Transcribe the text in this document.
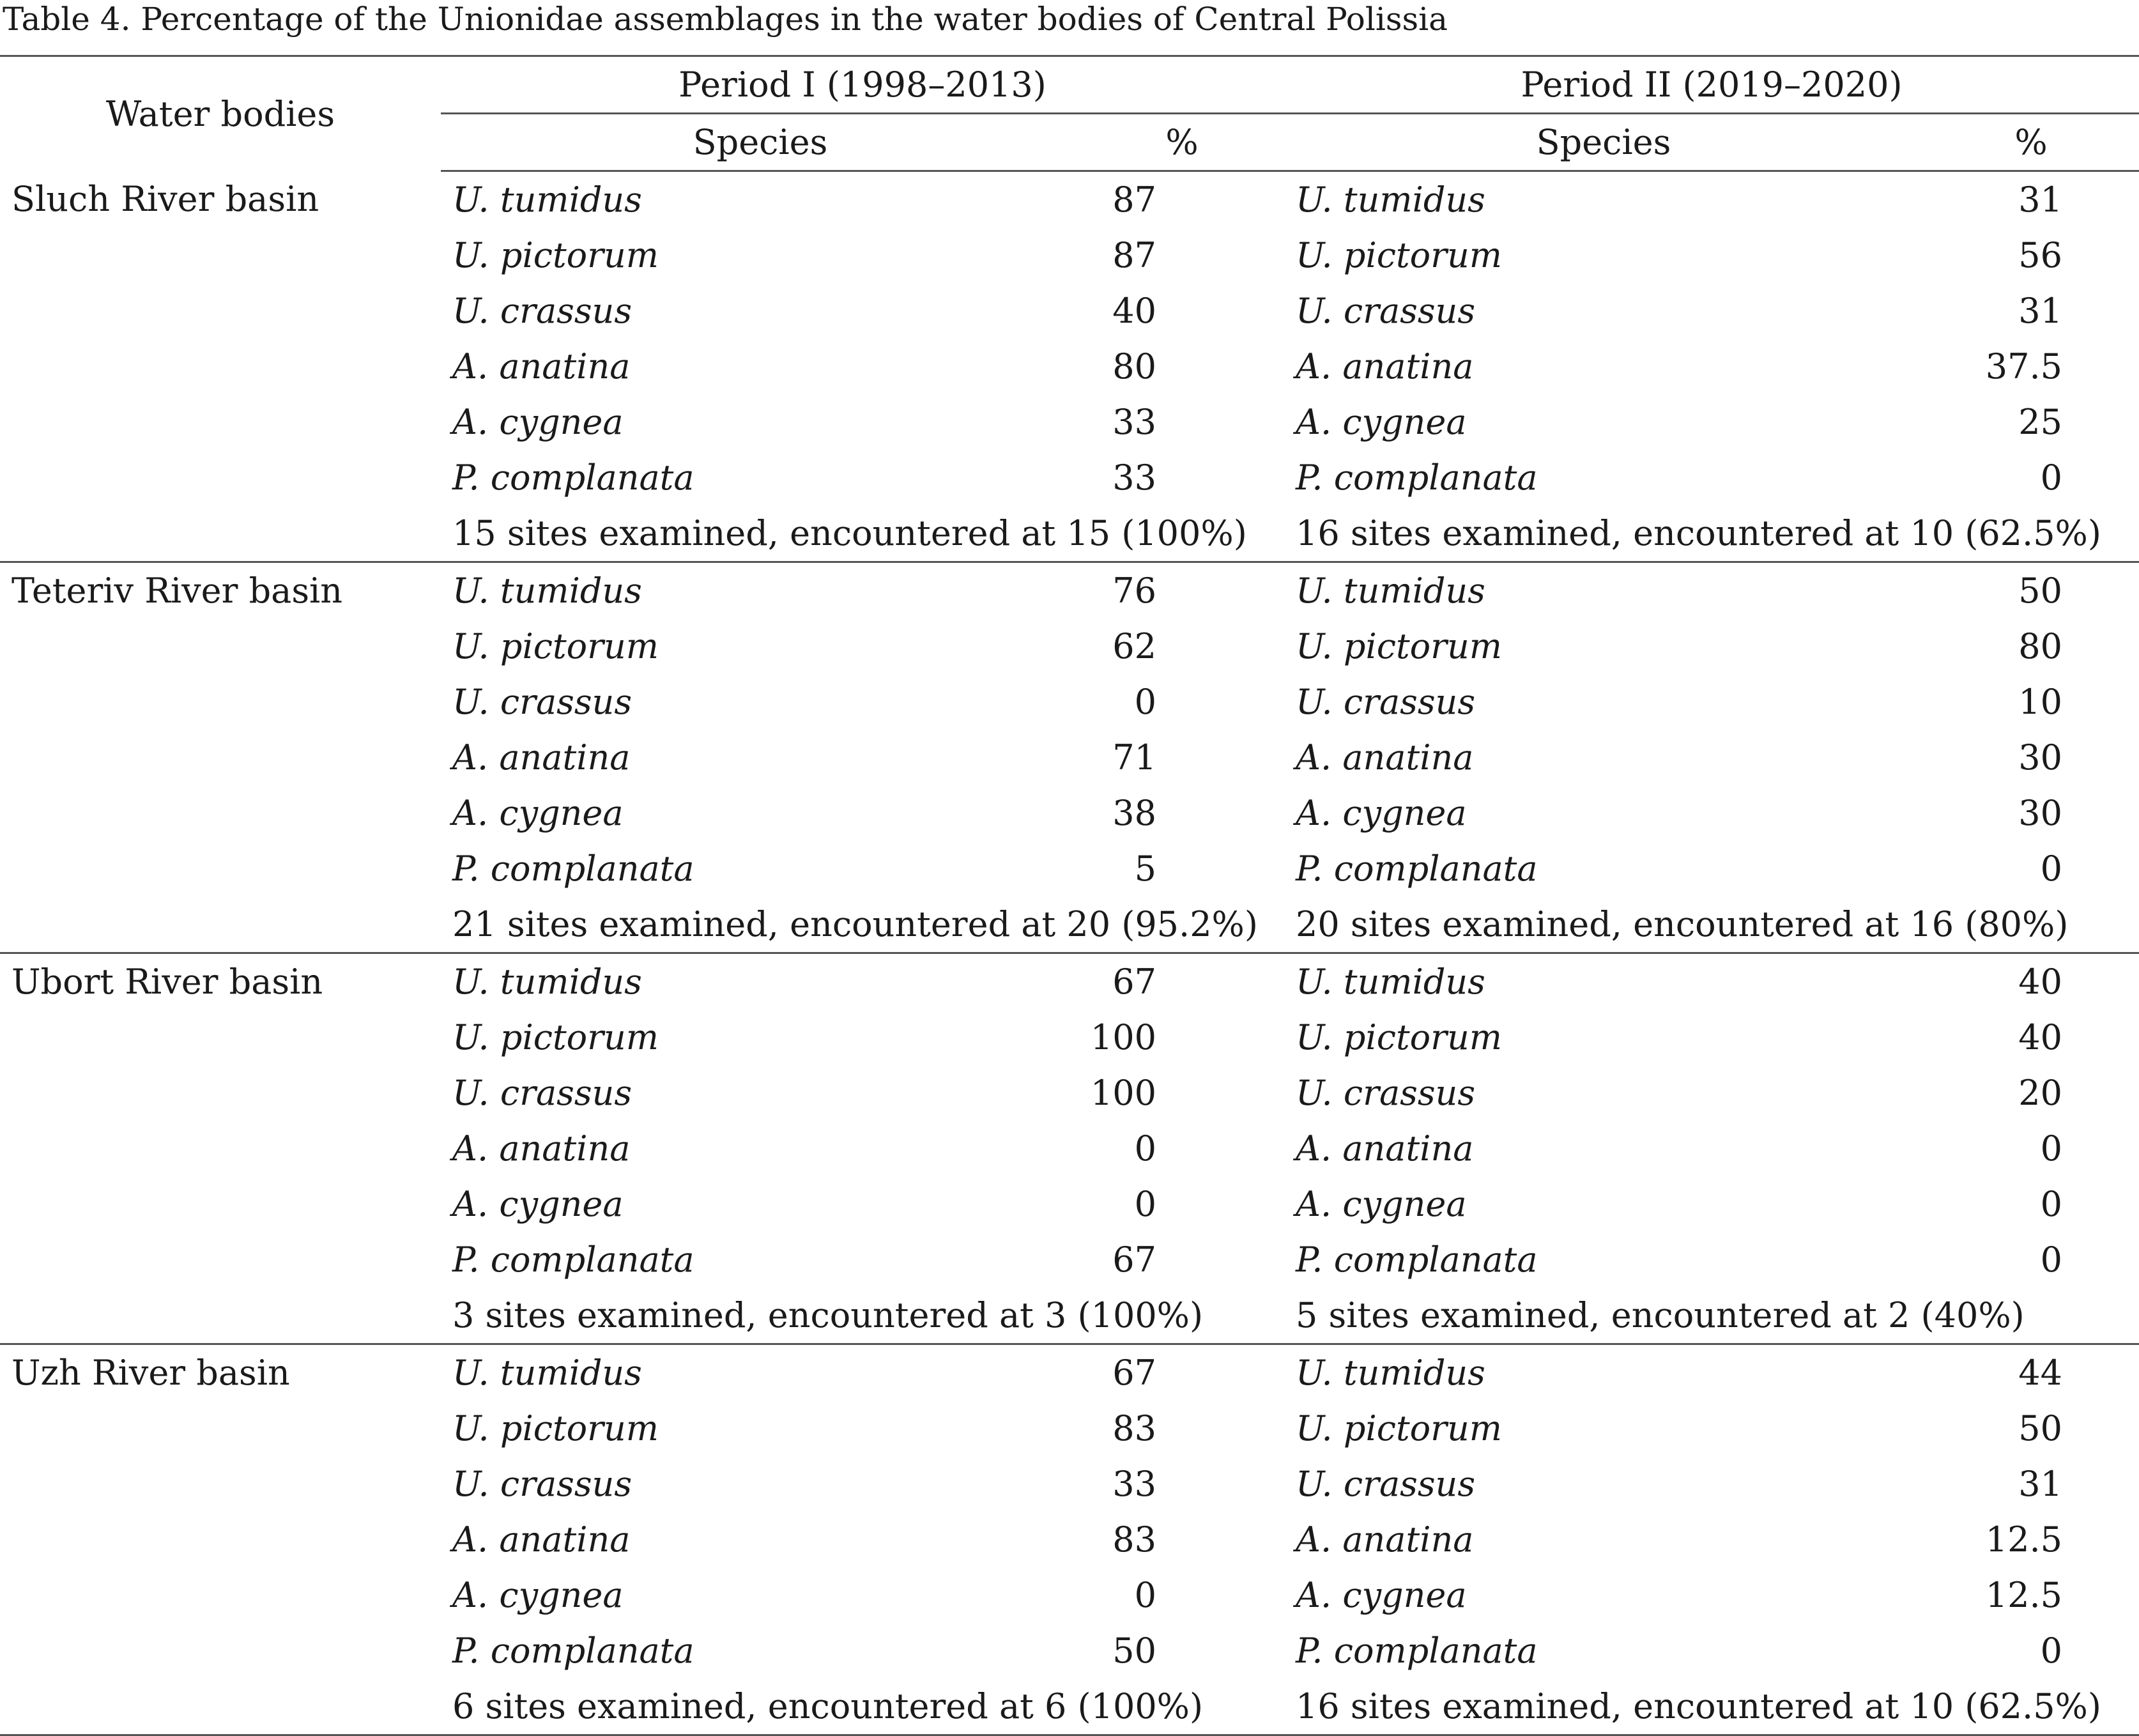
Table 4. Percentage of the Unionidae assemblages in the water bodies of Central Polissia
Water bodies	Period I (1998–2013)		Period II (2019–2020)	
	Species	%	Species	%
Sluch River basin	U. tumidus	87	U. tumidus	31
	U. pictorum	87	U. pictorum	56
	U. crassus	40	U. crassus	31
	A. anatina	80	A. anatina	37.5
	A. cygnea	33	A. cygnea	25
	P. complanata	33	P. complanata	0
	15 sites examined, encountered at 15 (100%)		16 sites examined, encountered at 10 (62.5%)	
Teteriv River basin	U. tumidus	76	U. tumidus	50
	U. pictorum	62	U. pictorum	80
	U. crassus	0	U. crassus	10
	A. anatina	71	A. anatina	30
	A. cygnea	38	A. cygnea	30
	P. complanata	5	P. complanata	0
	21 sites examined, encountered at 20 (95.2%)		20 sites examined, encountered at 16 (80%)	
Ubort River basin	U. tumidus	67	U. tumidus	40
	U. pictorum	100	U. pictorum	40
	U. crassus	100	U. crassus	20
	A. anatina	0	A. anatina	0
	A. cygnea	0	A. cygnea	0
	P. complanata	67	P. complanata	0
	3 sites examined, encountered at 3 (100%)		5 sites examined, encountered at 2 (40%)	
Uzh River basin	U. tumidus	67	U. tumidus	44
	U. pictorum	83	U. pictorum	50
	U. crassus	33	U. crassus	31
	A. anatina	83	A. anatina	12.5
	A. cygnea	0	A. cygnea	12.5
	P. complanata	50	P. complanata	0
	6 sites examined, encountered at 6 (100%)		16 sites examined, encountered at 10 (62.5%)	
